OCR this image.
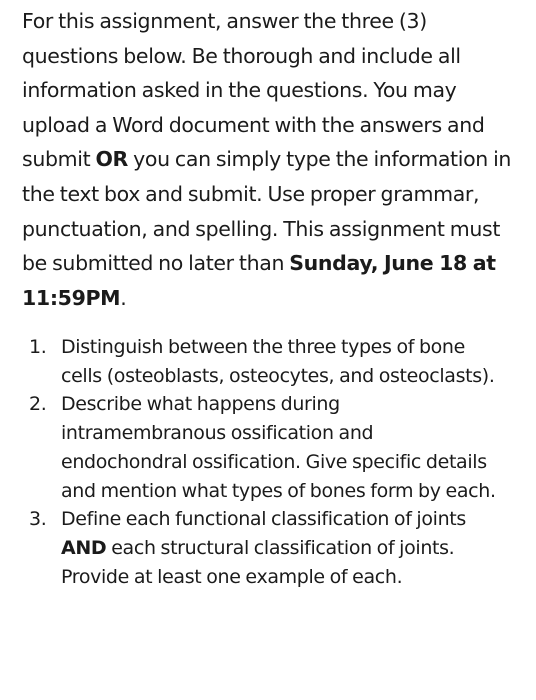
For this assignment, answer the three (3) questions below. Be thorough and include all information asked in the questions. You may upload a Word document with the answers and submit OR you can simply type the information in the text box and submit. Use proper grammar, punctuation, and spelling. This assignment must be submitted no later than Sunday, June 18 at 11:59PM.

1. Distinguish between the three types of bone cells (osteoblasts, osteocytes, and osteoclasts).
2. Describe what happens during intramembranous ossification and endochondral ossification. Give specific details and mention what types of bones form by each.
3. Define each functional classification of joints AND each structural classification of joints. Provide at least one example of each.
